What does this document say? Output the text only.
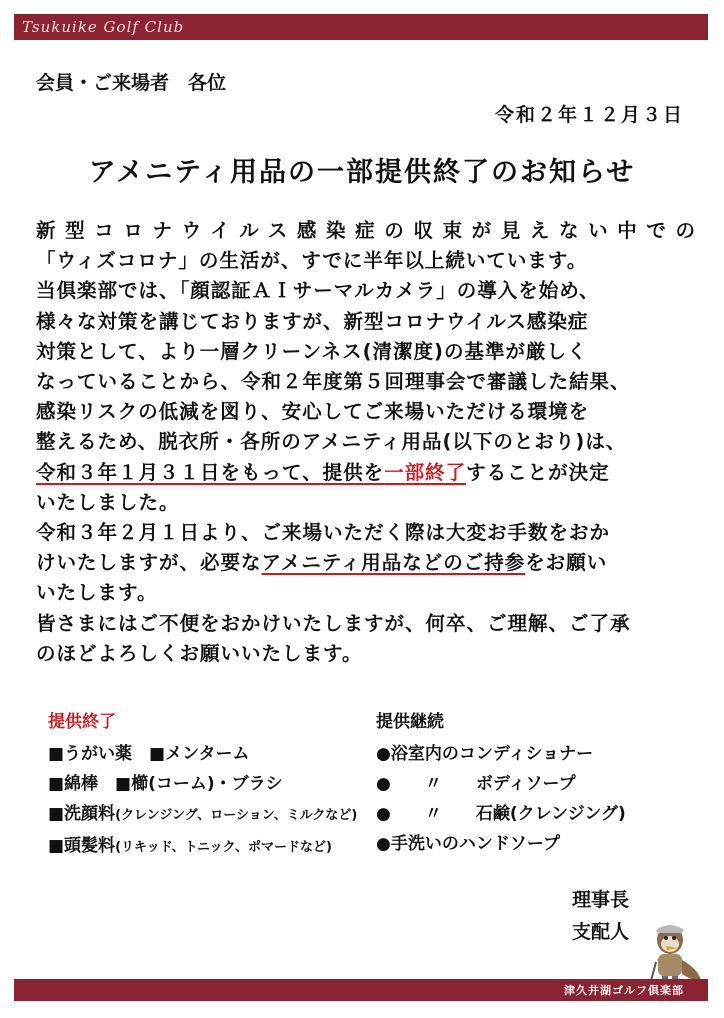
Tsukuike Golf Club
会員・ご来場者　各位
令和２年１２月３日
アメニティ用品の一部提供終了のお知らせ
新型コロナウイルス感染症の収束が見えない中での
「ウィズコロナ」の生活が、すでに半年以上続いています。
当倶楽部では、「顔認証ＡＩサーマルカメラ」の導入を始め、
様々な対策を講じておりますが、新型コロナウイルス感染症
対策として、より一層クリーンネス(清潔度)の基準が厳しく
なっていることから、令和２年度第５回理事会で審議した結果、
感染リスクの低減を図り、安心してご来場いただける環境を
整えるため、脱衣所・各所のアメニティ用品(以下のとおり)は、
令和３年１月３１日をもって、提供を一部終了することが決定
いたしました。
令和３年２月１日より、ご来場いただく際は大変お手数をおか
けいたしますが、必要なアメニティ用品などのご持参をお願い
いたします。
皆さまにはご不便をおかけいたしますが、何卒、ご理解、ご了承
のほどよろしくお願いいたします。
提供終了
■うがい薬　■メンターム
■綿棒　■櫛(コーム)・ブラシ
■洗顔料(クレンジング、ローション、ミルクなど)
■頭髪料(リキッド、トニック、ポマードなど)
提供継続
●浴室内のコンディショナー
●　　〃　　ボディソープ
●　　〃　　石鹸(クレンジング)
●手洗いのハンドソープ
理事長
支配人
津久井湖ゴルフ倶楽部
